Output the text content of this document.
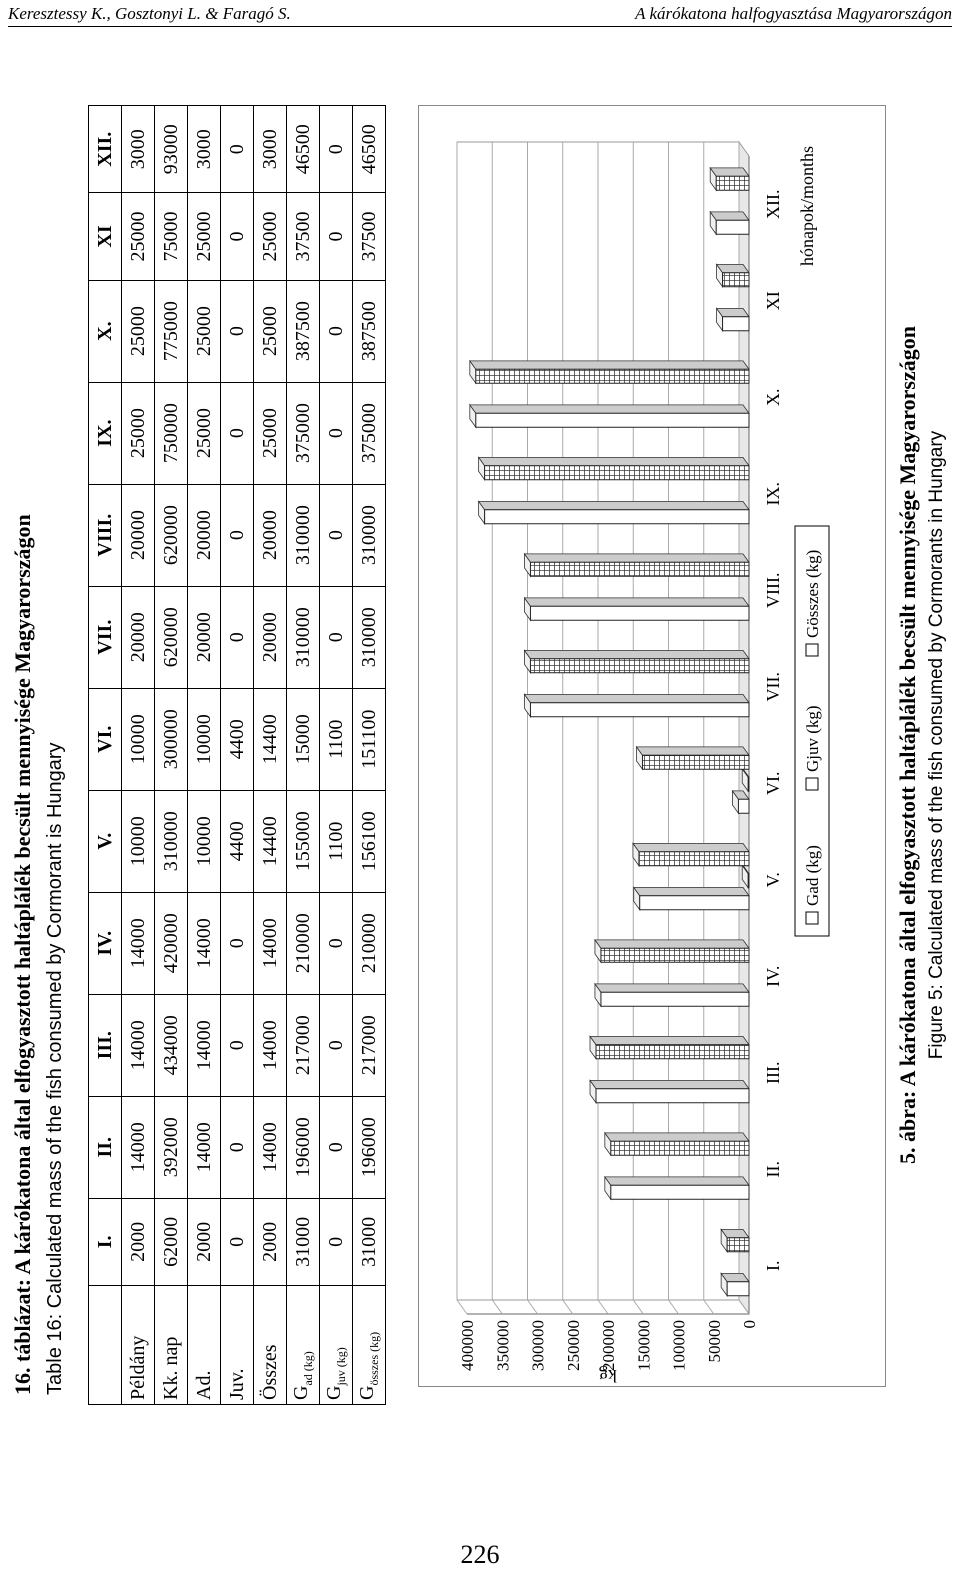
Keresztessy K., Gosztonyi L. & Faragó S.	A kárókatona halfogyasztása Magyarországon
16. táblázat: A kárókatona által elfogyasztott haltáplálék becsült mennyisége Magyarországon Table 16: Calculated mass of the fish consumed by Cormorant is Hungary
	I.	II.	III.	IV.	V.	VI.	VII.	VIII.	IX.	X.	XI	XII.
Példány	2000	14000	14000	14000	10000	10000	20000	20000	25000	25000	25000	3000
Kk. nap	62000	392000	434000	420000	310000	300000	620000	620000	750000	775000	75000	93000
Ad.	2000	14000	14000	14000	10000	10000	20000	20000	25000	25000	25000	3000
Juv.	0	0	0	0	4400	4400	0	0	0	0	0	0
Összes	2000	14000	14000	14000	14400	14400	20000	20000	25000	25000	25000	3000
$G_{ad (kg)}$	31000	196000	217000	210000	155000	15000	310000	310000	375000	387500	37500	46500
$G_{juv (kg)}$	0	0	0	0	1100	1100	0	0	0	0	0	0
$G_{összes (kg)}$	31000	196000	217000	210000	156100	151100	310000	310000	375000	387500	37500	46500
0
50000
100000
150000
200000
250000
300000
350000
400000
kg
I.
II.
III.
IV.
V.
VI.
VII.
VIII.
IX.
X.
XI
XII. hónapok/months
Gad (kg)
Gjuv (kg)
Gösszes (kg)	5. ábra: A kárókatona által elfogyasztott haltáplálék becsült mennyisége Magyarországon Figure 5: Calculated mass of the fish consumed by Cormorants in Hungary
226
